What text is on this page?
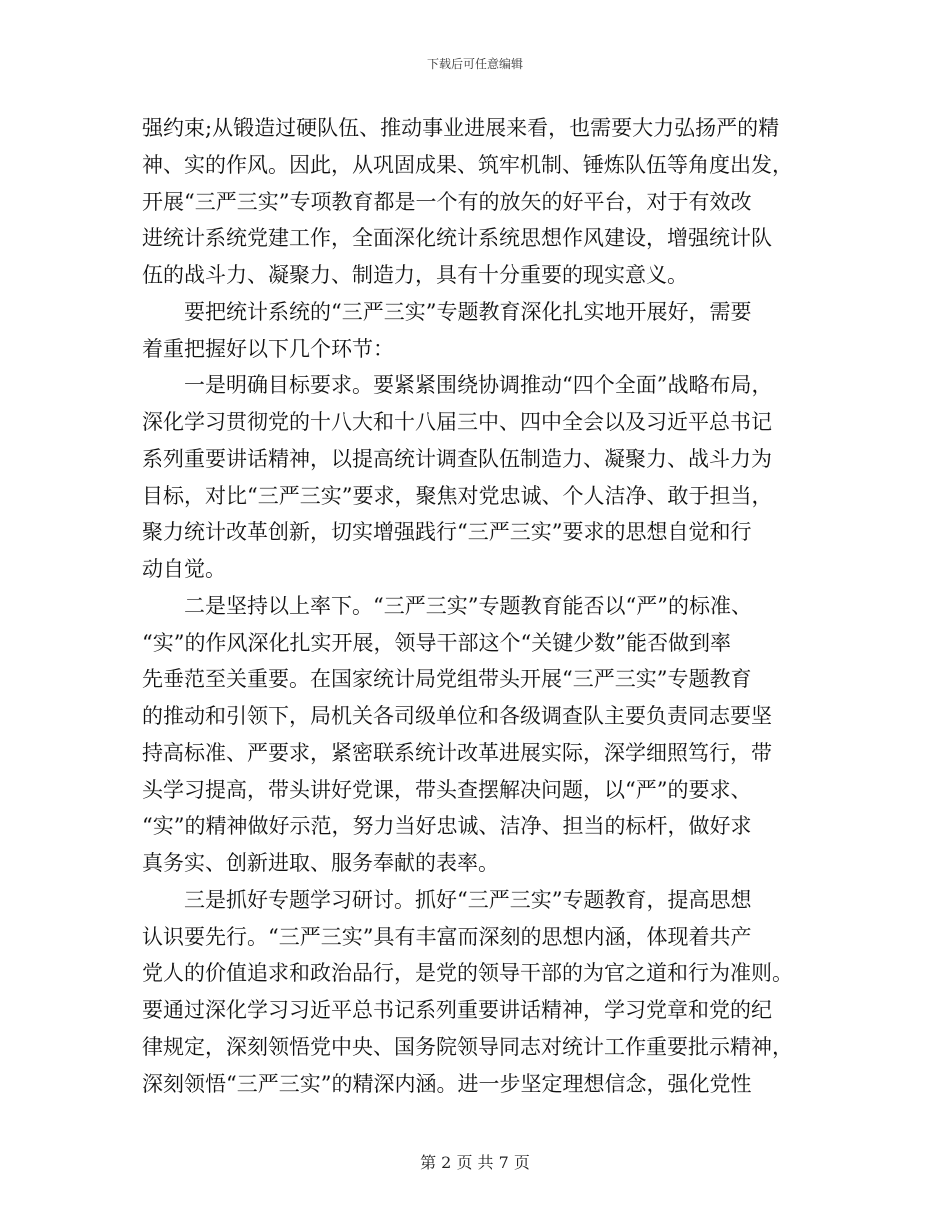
下载后可任意编辑
强约束;从锻造过硬队伍、推动事业进展来看，也需要大力弘扬严的精
神、实的作风。因此，从巩固成果、筑牢机制、锤炼队伍等角度出发，
开展“三严三实”专项教育都是一个有的放矢的好平台，对于有效改
进统计系统党建工作，全面深化统计系统思想作风建设，增强统计队
伍的战斗力、凝聚力、制造力，具有十分重要的现实意义。
　　要把统计系统的“三严三实”专题教育深化扎实地开展好，需要
着重把握好以下几个环节：
　　一是明确目标要求。要紧紧围绕协调推动“四个全面”战略布局，
深化学习贯彻党的十八大和十八届三中、四中全会以及习近平总书记
系列重要讲话精神，以提高统计调查队伍制造力、凝聚力、战斗力为
目标，对比“三严三实”要求，聚焦对党忠诚、个人洁净、敢于担当，
聚力统计改革创新，切实增强践行“三严三实”要求的思想自觉和行
动自觉。
　　二是坚持以上率下。“三严三实”专题教育能否以“严”的标准、
“实”的作风深化扎实开展，领导干部这个“关键少数”能否做到率
先垂范至关重要。在国家统计局党组带头开展“三严三实”专题教育
的推动和引领下，局机关各司级单位和各级调查队主要负责同志要坚
持高标准、严要求，紧密联系统计改革进展实际，深学细照笃行，带
头学习提高，带头讲好党课，带头查摆解决问题，以“严”的要求、
“实”的精神做好示范，努力当好忠诚、洁净、担当的标杆，做好求
真务实、创新进取、服务奉献的表率。
　　三是抓好专题学习研讨。抓好“三严三实”专题教育，提高思想
认识要先行。“三严三实”具有丰富而深刻的思想内涵，体现着共产
党人的价值追求和政治品行，是党的领导干部的为官之道和行为准则。
要通过深化学习习近平总书记系列重要讲话精神，学习党章和党的纪
律规定，深刻领悟党中央、国务院领导同志对统计工作重要批示精神，
深刻领悟“三严三实”的精深内涵。进一步坚定理想信念，强化党性
第 2 页 共 7 页
